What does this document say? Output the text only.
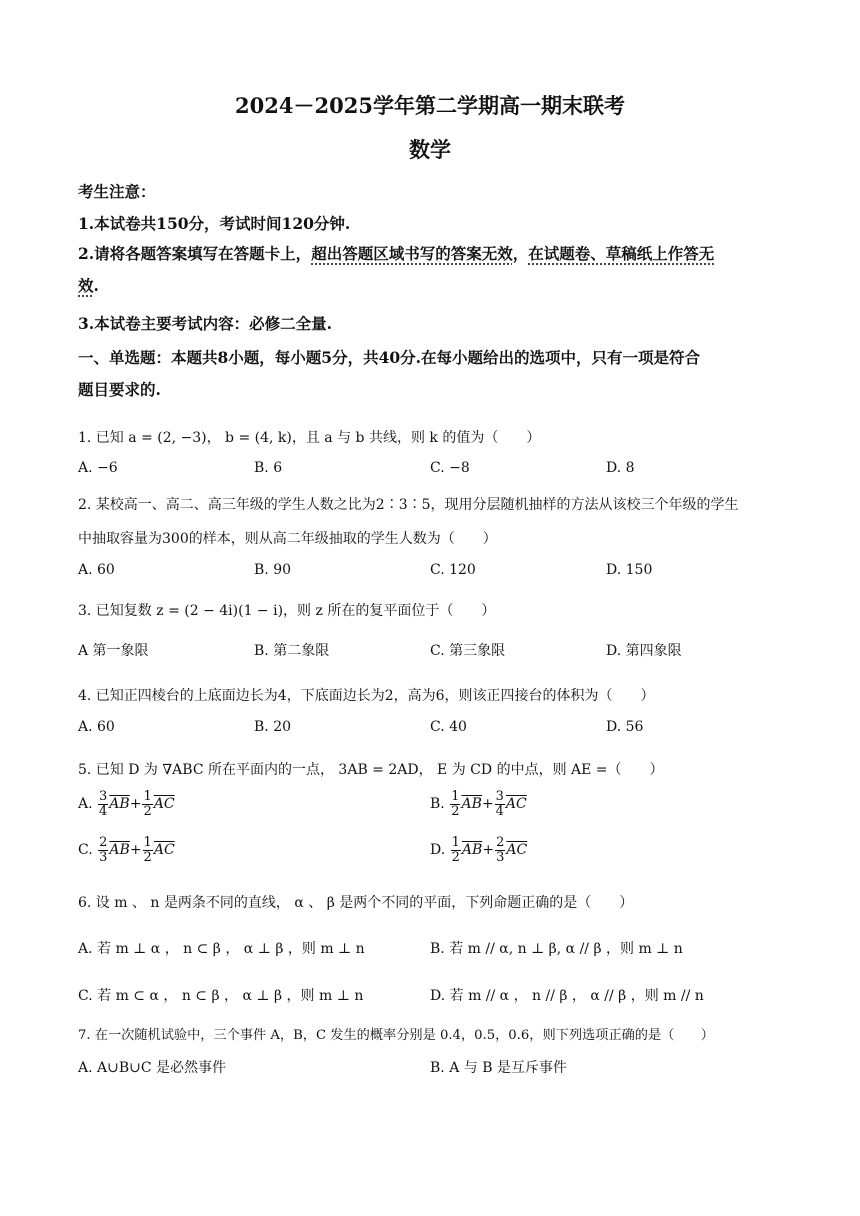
2024－2025学年第二学期高一期末联考
数学
考生注意：
1.本试卷共150分，考试时间120分钟.
2.请将各题答案填写在答题卡上，超出答题区域书写的答案无效，在试题卷、草稿纸上作答无
效.
3.本试卷主要考试内容：必修二全量.
一、单选题：本题共8小题，每小题5分，共40分.在每小题给出的选项中，只有一项是符合
题目要求的.
1. 已知 a = (2, −3)， b = (4, k)，且 a 与 b 共线，则 k 的值为（　　）
A. −6	B. 6	C. −8	D. 8
2. 某校高一、高二、高三年级的学生人数之比为2∶3∶5，现用分层随机抽样的方法从该校三个年级的学生
中抽取容量为300的样本，则从高二年级抽取的学生人数为（　　）
A. 60	B. 90	C. 120	D. 150
3. 已知复数 z = (2 − 4i)(1 − i)，则 z 所在的复平面位于（　　）
A 第一象限	B. 第二象限	C. 第三象限	D. 第四象限
4. 已知正四棱台的上底面边长为4，下底面边长为2，高为6，则该正四接台的体积为（　　）
A. 60	B. 20	C. 40	D. 56
5. 已知 D 为 ∇ABC 所在平面内的一点， 3AB = 2AD， E 为 CD 的中点，则 AE =（　　）
A. $\frac{3}{4} \overline{AB}+ \frac{1}{2} \overline{AC}$	B. $\frac{1}{2} \overline{AB}+ \frac{3}{4} \overline{AC}$
C. $\frac{2}{3} \overline{AB}+ \frac{1}{2} \overline{AC}$	D. $\frac{1}{2} \overline{AB}+ \frac{2}{3} \overline{AC}$
6. 设 m 、 n 是两条不同的直线， α 、 β 是两个不同的平面，下列命题正确的是（　　）
A. 若 m ⊥ α ， n ⊂ β ， α ⊥ β ，则 m ⊥ n	B. 若 m // α, n ⊥ β, α // β ，则 m ⊥ n
C. 若 m ⊂ α ， n ⊂ β ， α ⊥ β ，则 m ⊥ n	D. 若 m // α ， n // β ， α // β ，则 m // n
7. 在一次随机试验中，三个事件 A，B，C 发生的概率分别是 0.4，0.5，0.6，则下列选项正确的是（　　）
A. A∪B∪C 是必然事件	B. A 与 B 是互斥事件
